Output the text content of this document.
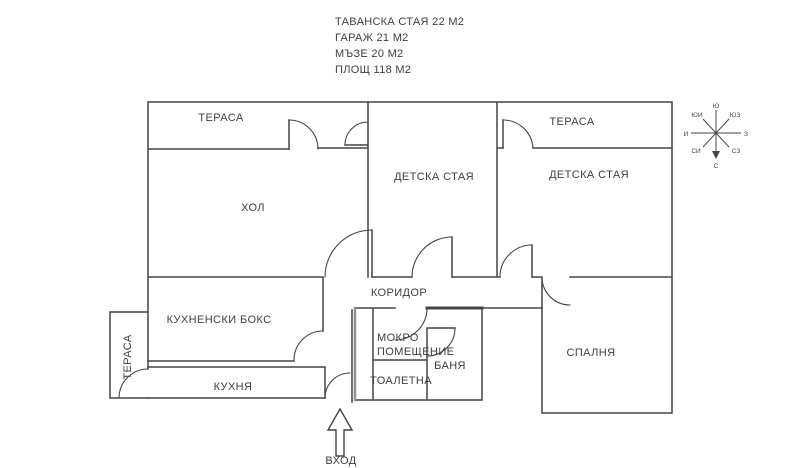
ТАВАНСКА СТАЯ 22 М2
ГАРАЖ 21 М2
МЪЗЕ 20 М2
ПЛОЩ 118 М2
ТЕРАСА
ХОЛ
ДЕТСКА СТАЯ
ТЕРАСА
ДЕТСКА СТАЯ
КОРИДОР
КУХНЕНСКИ БОКС
МОКРО
ПОМЕЩЕНИЕ
БАНЯ
ТОАЛЕТНА
КУХНЯ
СПАЛНЯ
ТЕРАСА
ВХОД
Ю
ЮИ	ЮЗ
И	З
СИ	СЗ
С
